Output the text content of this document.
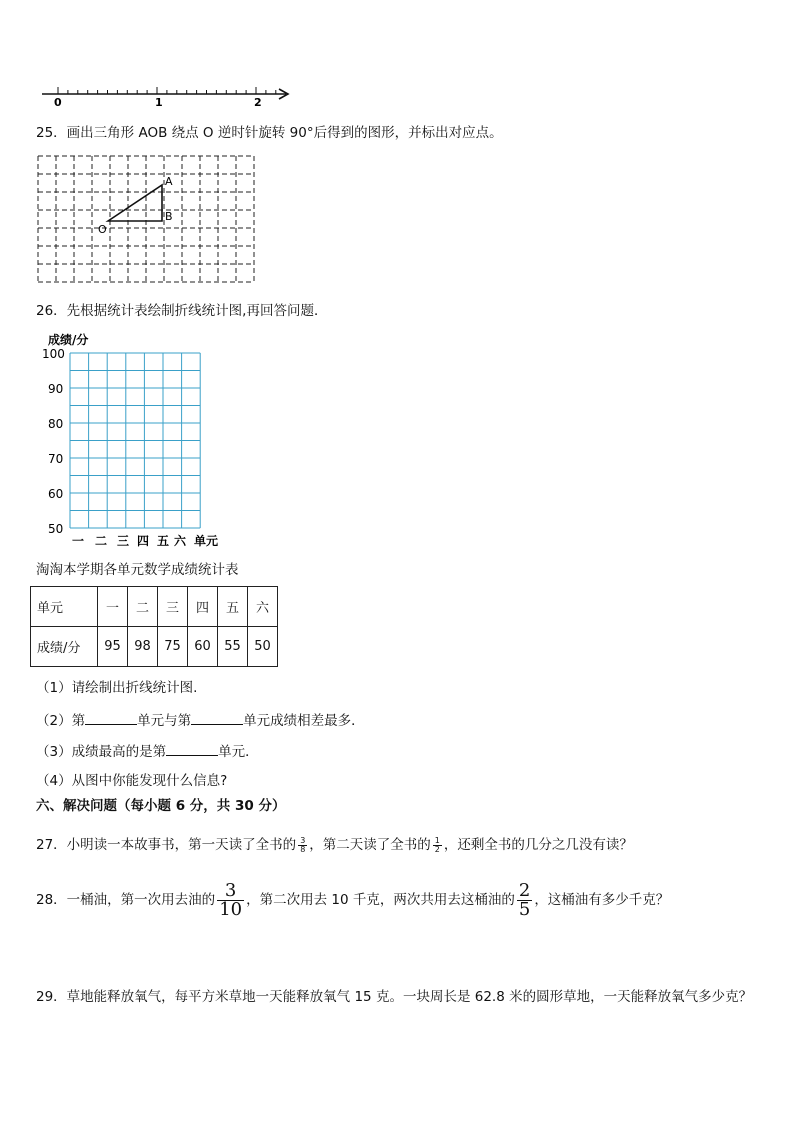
0	1	2
25．画出三角形 AOB 绕点 O 逆时针旋转 90°后得到的图形，并标出对应点。
A
B
O
26．先根据统计表绘制折线统计图,再回答问题．
成绩/分
100
90
80
70
60
50
一 二 三 四 五 六 单元
淘淘本学期各单元数学成绩统计表
单元	一	二	三	四	五	六
成绩/分	95	98	75	60	55	50
（1）请绘制出折线统计图.
（2）第	单元与第	单元成绩相差最多．
（3）成绩最高的是第	单元．
（4）从图中你能发现什么信息?
六、解决问题（每小题 6 分，共 30 分）
27．小明读一本故事书，第一天读了全书的 $\frac{3}{8}$ ，第二天读了全书的 $\frac{1}{2}$ ，还剩全书的几分之几没有读？
28．一桶油，第一次用去油的 $\frac{3}{10}$ ，第二次用去 10 千克，两次共用去这桶油的 $\frac{2}{5}$ ，这桶油有多少千克？
29．草地能释放氧气，每平方米草地一天能释放氧气 15 克。一块周长是 62.8 米的圆形草地，一天能释放氧气多少克？
